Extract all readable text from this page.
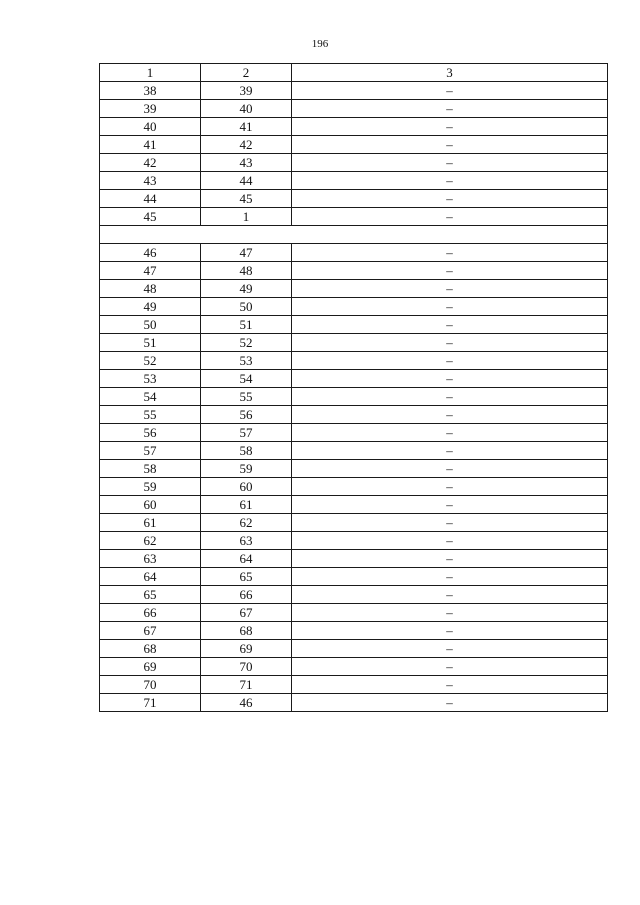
196
1	2	3
38	39	–
39	40	–
40	41	–
41	42	–
42	43	–
43	44	–
44	45	–
45	1	–

46	47	–
47	48	–
48	49	–
49	50	–
50	51	–
51	52	–
52	53	–
53	54	–
54	55	–
55	56	–
56	57	–
57	58	–
58	59	–
59	60	–
60	61	–
61	62	–
62	63	–
63	64	–
64	65	–
65	66	–
66	67	–
67	68	–
68	69	–
69	70	–
70	71	–
71	46	–
